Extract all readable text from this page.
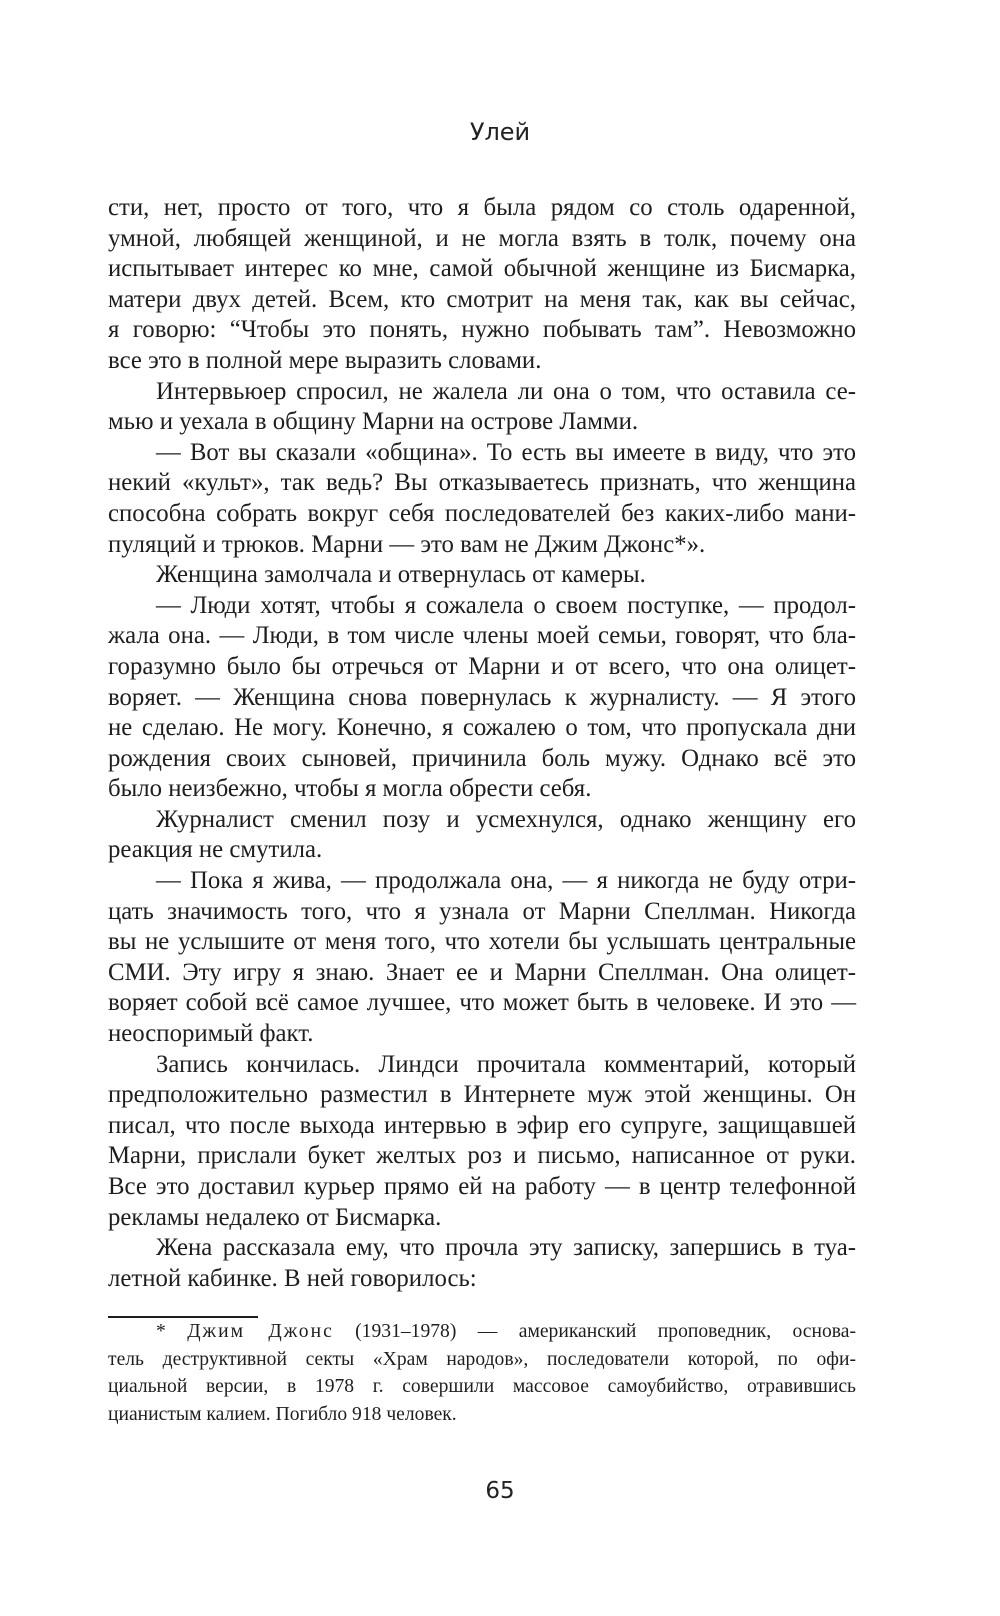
Улей
сти, нет, просто от того, что я была рядом со столь одаренной,
умной, любящей женщиной, и не могла взять в толк, почему она
испытывает интерес ко мне, самой обычной женщине из Бисмарка,
матери двух детей. Всем, кто смотрит на меня так, как вы сейчас,
я говорю: “Чтобы это понять, нужно побывать там”. Невозможно
все это в полной мере выразить словами.
Интервьюер спросил, не жалела ли она о том, что оставила се-
мью и уехала в общину Марни на острове Ламми.
— Вот вы сказали «община». То есть вы имеете в виду, что это
некий «культ», так ведь? Вы отказываетесь признать, что женщина
способна собрать вокруг себя последователей без каких-либо мани-
пуляций и трюков. Марни — это вам не Джим Джонс*».
Женщина замолчала и отвернулась от камеры.
— Люди хотят, чтобы я сожалела о своем поступке, — продол-
жала она. — Люди, в том числе члены моей семьи, говорят, что бла-
горазумно было бы отречься от Марни и от всего, что она олицет-
воряет. — Женщина снова повернулась к журналисту. — Я этого
не сделаю. Не могу. Конечно, я сожалею о том, что пропускала дни
рождения своих сыновей, причинила боль мужу. Однако всё это
было неизбежно, чтобы я могла обрести себя.
Журналист сменил позу и усмехнулся, однако женщину его
реакция не смутила.
— Пока я жива, — продолжала она, — я никогда не буду отри-
цать значимость того, что я узнала от Марни Спеллман. Никогда
вы не услышите от меня того, что хотели бы услышать центральные
СМИ. Эту игру я знаю. Знает ее и Марни Спеллман. Она олицет-
воряет собой всё самое лучшее, что может быть в человеке. И это —
неоспоримый факт.
Запись кончилась. Линдси прочитала комментарий, который
предположительно разместил в Интернете муж этой женщины. Он
писал, что после выхода интервью в эфир его супруге, защищавшей
Марни, прислали букет желтых роз и письмо, написанное от руки.
Все это доставил курьер прямо ей на работу — в центр телефонной
рекламы недалеко от Бисмарка.
Жена рассказала ему, что прочла эту записку, запершись в туа-
летной кабинке. В ней говорилось:
* Джим Джонс (1931–1978) — американский проповедник, основа-
тель деструктивной секты «Храм народов», последователи которой, по офи-
циальной версии, в 1978 г. совершили массовое самоубийство, отравившись
цианистым калием. Погибло 918 человек.
65
